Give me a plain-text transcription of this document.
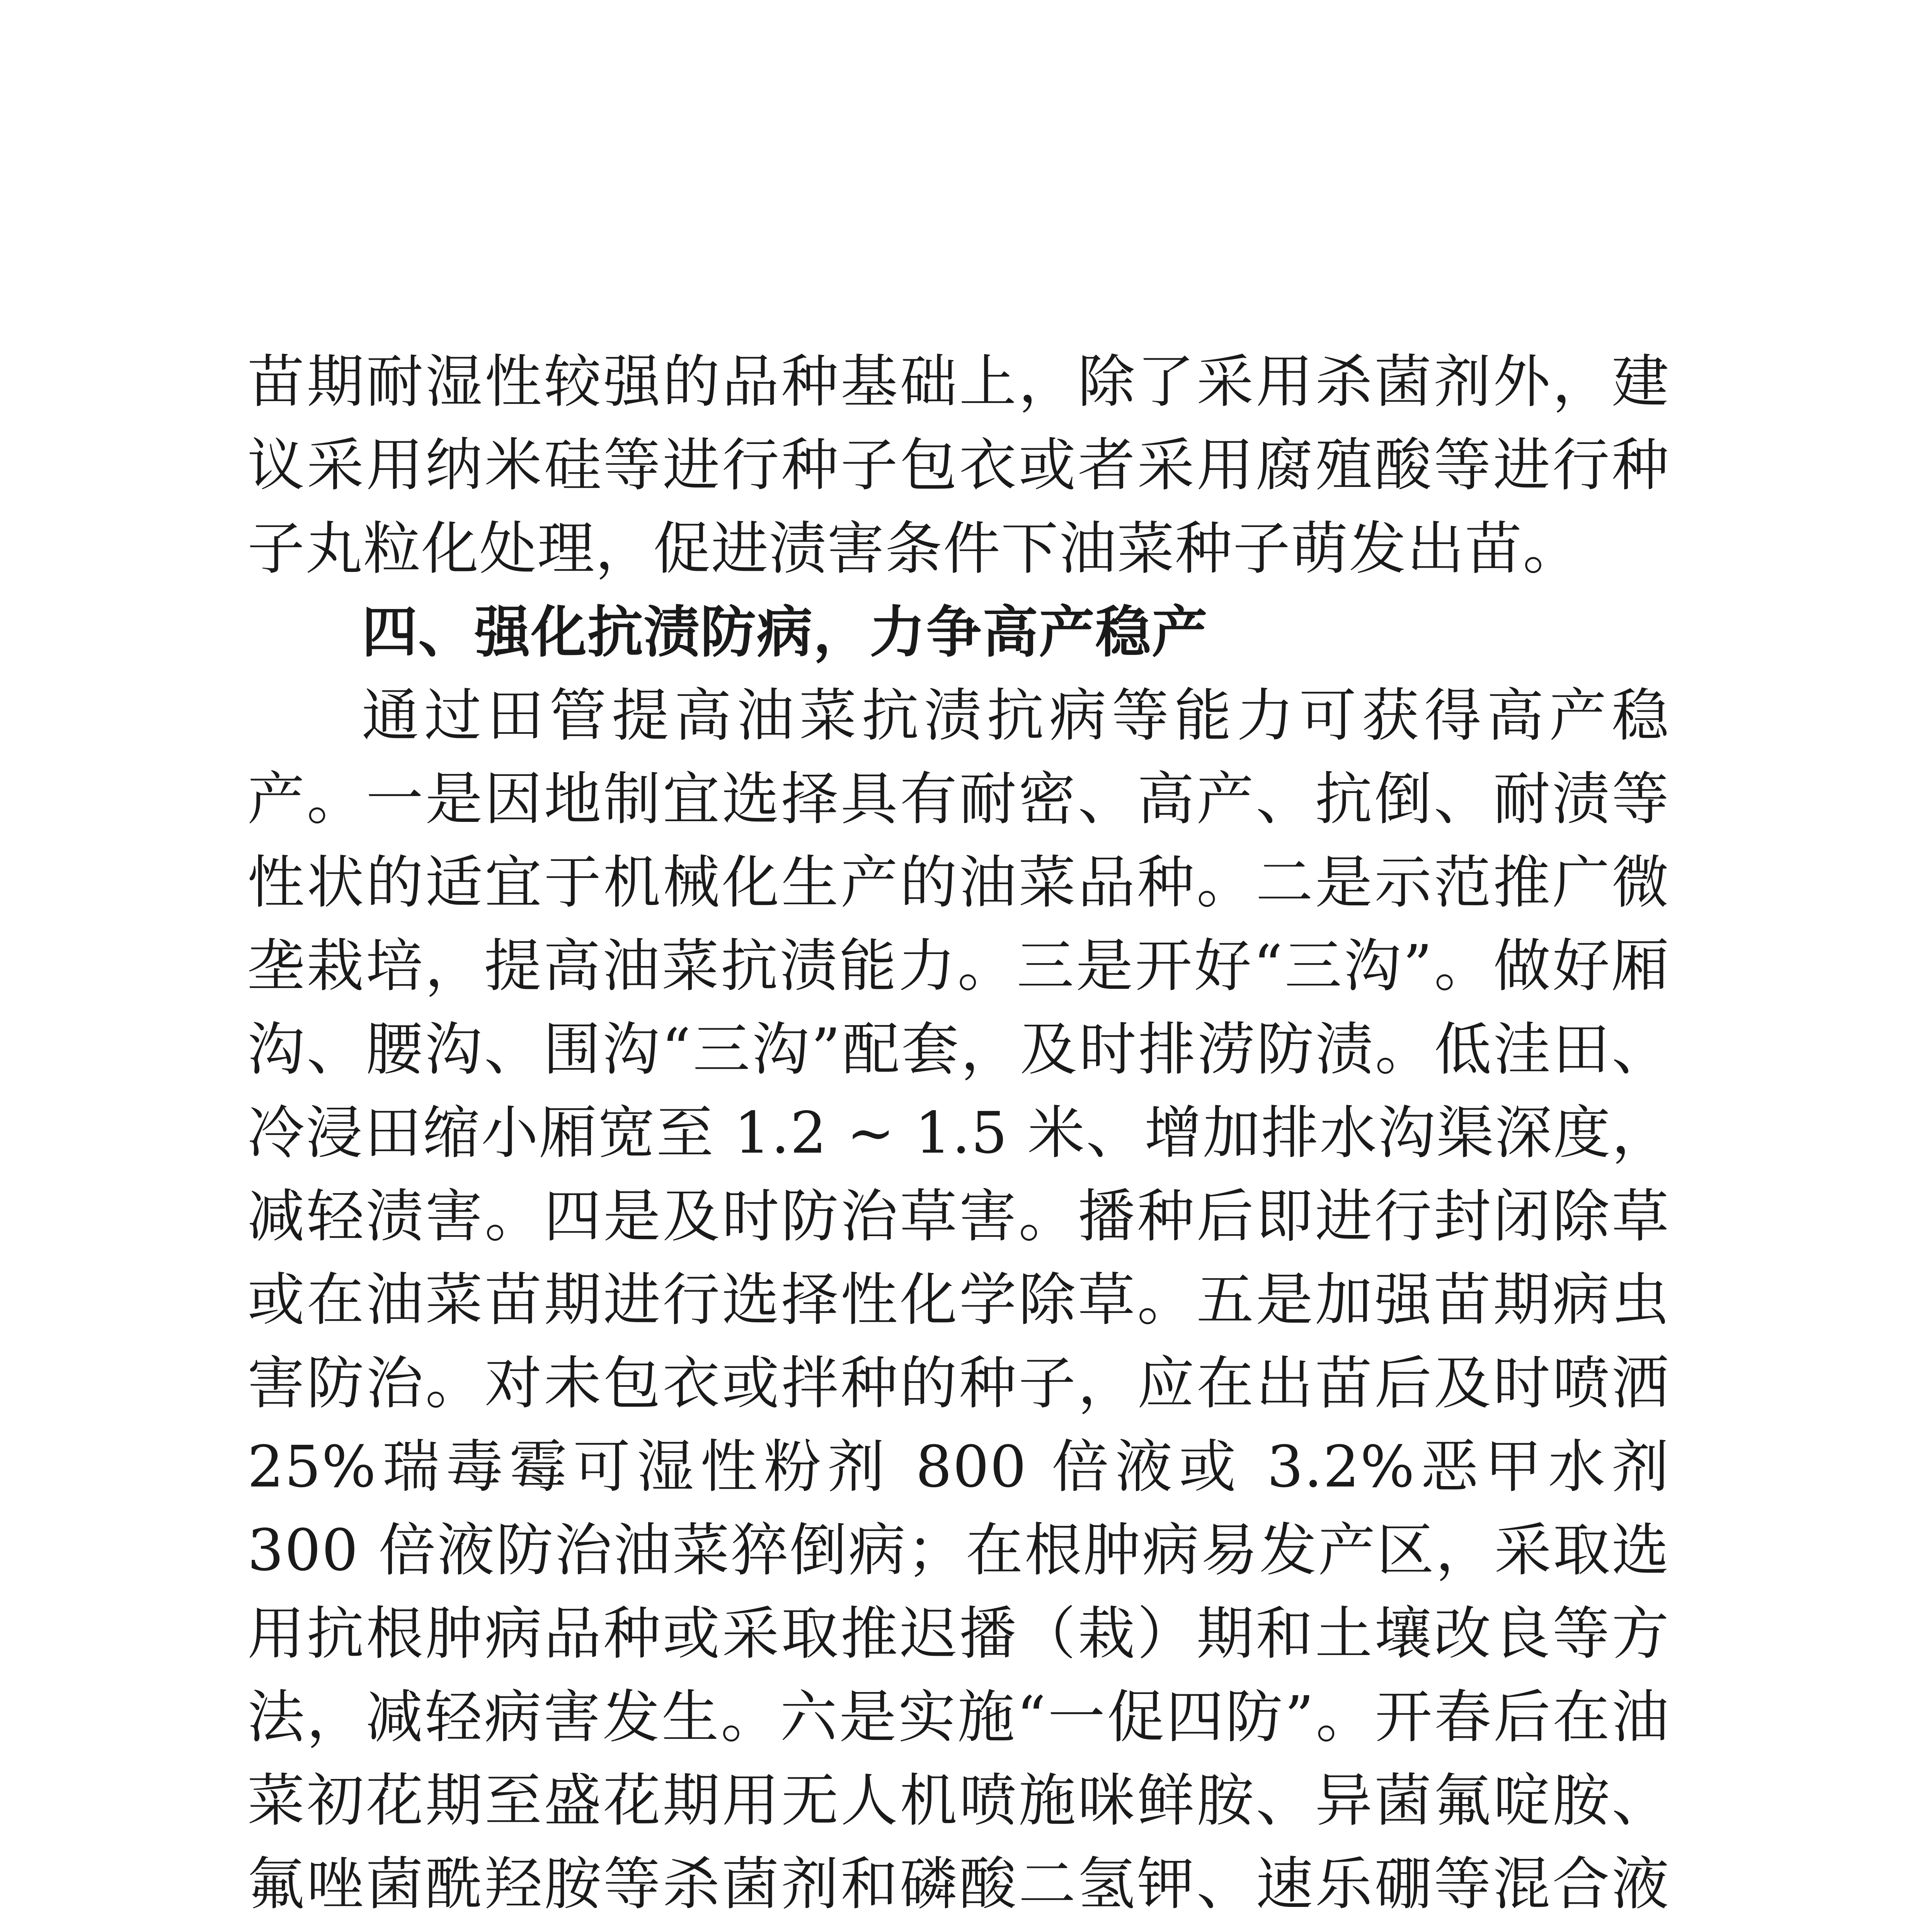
苗期耐湿性较强的品种基础上，除了采用杀菌剂外，建议采用纳米硅等进行种子包衣或者采用腐殖酸等进行种子丸粒化处理，促进渍害条件下油菜种子萌发出苗。

四、强化抗渍防病，力争高产稳产

通过田管提高油菜抗渍抗病等能力可获得高产稳产。一是因地制宜选择具有耐密、高产、抗倒、耐渍等性状的适宜于机械化生产的油菜品种。二是示范推广微垄栽培，提高油菜抗渍能力。三是开好“三沟”。做好厢沟、腰沟、围沟“三沟”配套，及时排涝防渍。低洼田、冷浸田缩小厢宽至 1.2 ~ 1.5 米、增加排水沟渠深度，减轻渍害。四是及时防治草害。播种后即进行封闭除草或在油菜苗期进行选择性化学除草。五是加强苗期病虫害防治。对未包衣或拌种的种子，应在出苗后及时喷洒 25%瑞毒霉可湿性粉剂 800 倍液或 3.2%恶甲水剂 300 倍液防治油菜猝倒病；在根肿病易发产区，采取选用抗根肿病品种或采取推迟播（栽）期和土壤改良等方法，减轻病害发生。六是实施“一促四防”。开春后在油菜初花期至盛花期用无人机喷施咪鲜胺、异菌氟啶胺、氟唑菌酰羟胺等杀菌剂和磷酸二氢钾、速乐硼等混合液
